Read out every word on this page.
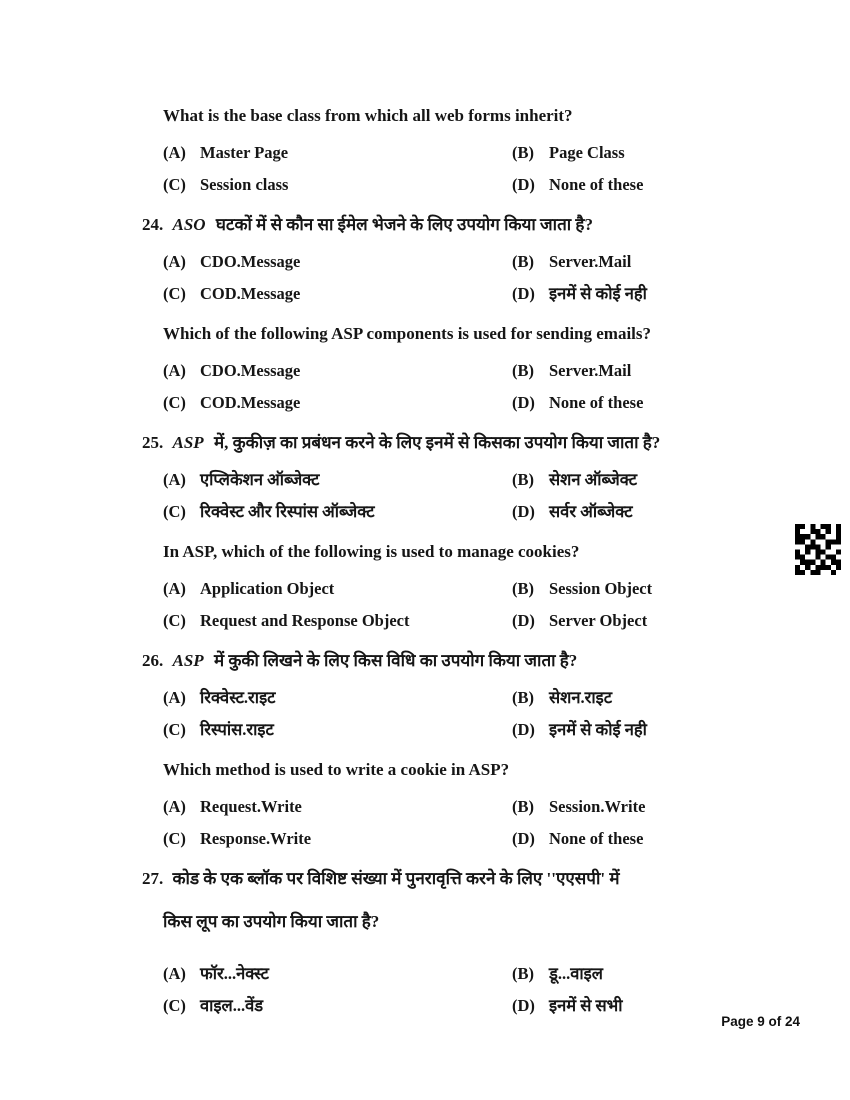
What is the base class from which all web forms inherit?

(A) Master Page	(B) Page Class

(C) Session class	(D) None of these

24. ASO घटकों में से कौन सा ईमेल भेजने के लिए उपयोग किया जाता है?

(A) CDO.Message	(B) Server.Mail

(C) COD.Message	(D) इनमें से कोई नही

Which of the following ASP components is used for sending emails?

(A) CDO.Message	(B) Server.Mail

(C) COD.Message	(D) None of these

25. ASP में, कुकीज़ का प्रबंधन करने के लिए इनमें से किसका उपयोग किया जाता है?

(A) एप्लिकेशन ऑब्जेक्ट	(B) सेशन ऑब्जेक्ट

(C) रिक्वेस्ट और रिस्पांस ऑब्जेक्ट	(D) सर्वर ऑब्जेक्ट

In ASP, which of the following is used to manage cookies?

(A) Application Object	(B) Session Object

(C) Request and Response Object	(D) Server Object

26. ASP में कुकी लिखने के लिए किस विधि का उपयोग किया जाता है?

(A) रिक्वेस्ट.राइट	(B) सेशन.राइट

(C) रिस्पांस.राइट	(D) इनमें से कोई नही

Which method is used to write a cookie in ASP?

(A) Request.Write	(B) Session.Write

(C) Response.Write	(D) None of these

27. कोड के एक ब्लॉक पर विशिष्ट संख्या में पुनरावृत्ति करने के लिए ''एएसपी' में

किस लूप का उपयोग किया जाता है?

(A) फॉर...नेक्स्ट	(B) डू...वाइल

(C) वाइल...वेंड	(D) इनमें से सभी

Page 9 of 24
